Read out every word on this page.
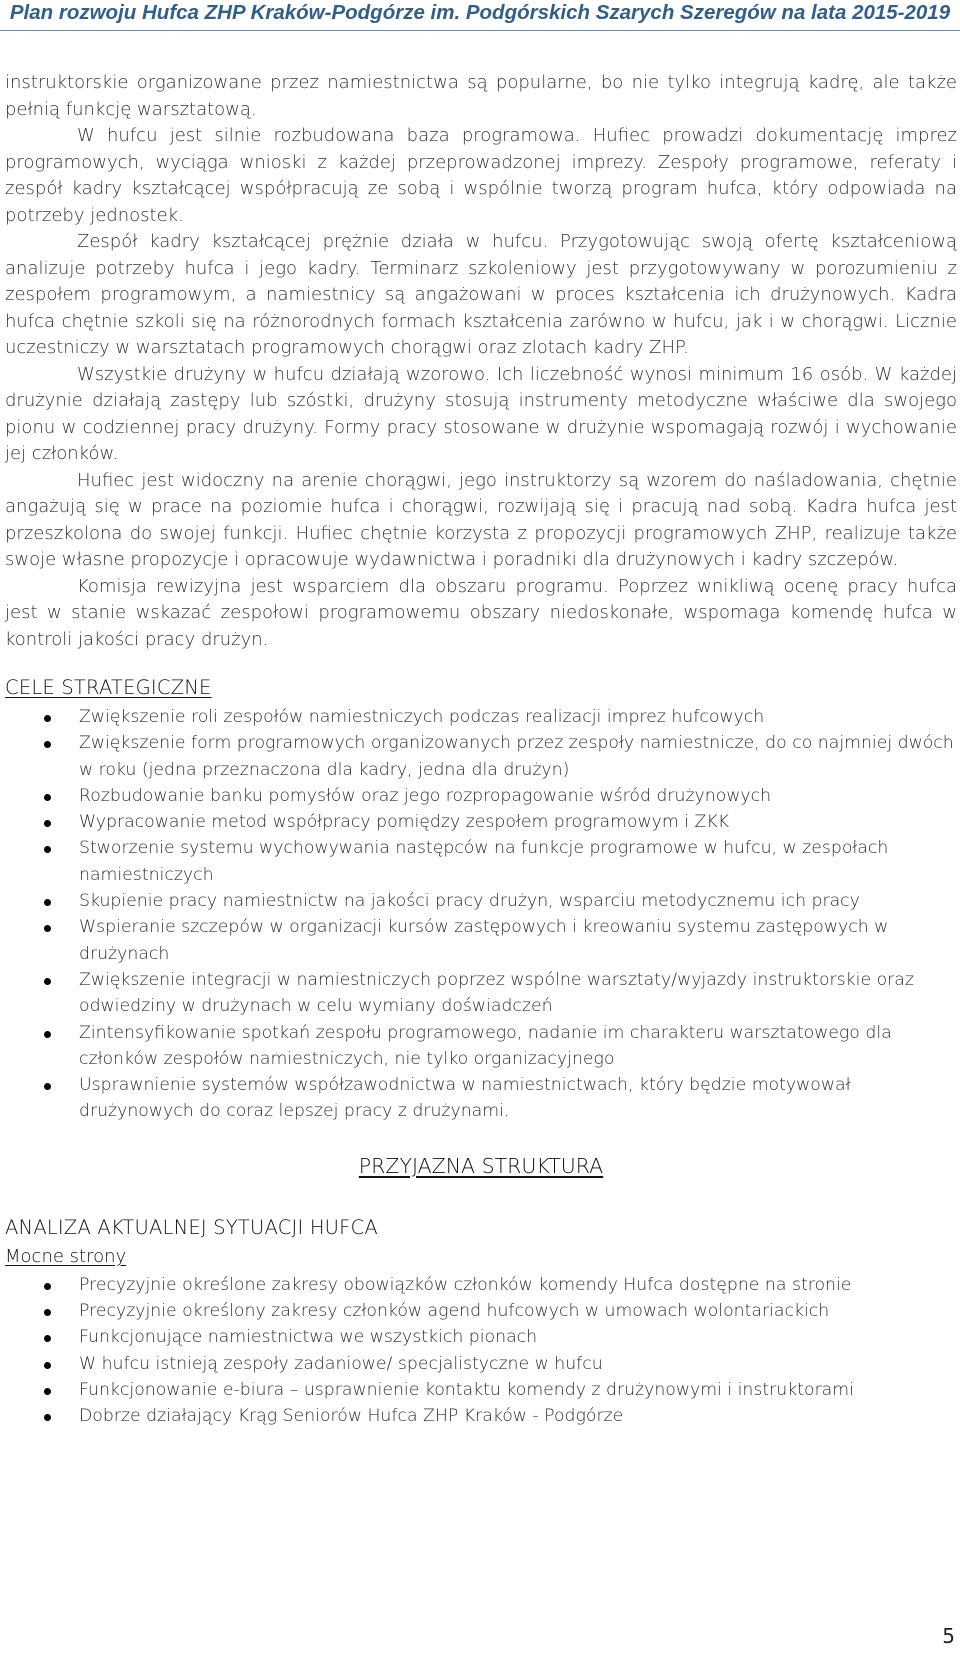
Plan rozwoju Hufca ZHP Kraków-Podgórze im. Podgórskich Szarych Szeregów na lata 2015-2019

instruktorskie organizowane przez namiestnictwa są popularne, bo nie tylko integrują kadrę, ale także pełnią funkcję warsztatową.

W hufcu jest silnie rozbudowana baza programowa. Hufiec prowadzi dokumentację imprez programowych, wyciąga wnioski z każdej przeprowadzonej imprezy. Zespoły programowe, referaty i zespół kadry kształcącej współpracują ze sobą i wspólnie tworzą program hufca, który odpowiada na potrzeby jednostek.

Zespół kadry kształcącej prężnie działa w hufcu. Przygotowując swoją ofertę kształceniową analizuje potrzeby hufca i jego kadry. Terminarz szkoleniowy jest przygotowywany w porozumieniu z zespołem programowym, a namiestnicy są angażowani w proces kształcenia ich drużynowych. Kadra hufca chętnie szkoli się na różnorodnych formach kształcenia zarówno w hufcu, jak i w chorągwi. Licznie uczestniczy w warsztatach programowych chorągwi oraz zlotach kadry ZHP.

Wszystkie drużyny w hufcu działają wzorowo. Ich liczebność wynosi minimum 16 osób. W każdej drużynie działają zastępy lub szóstki, drużyny stosują instrumenty metodyczne właściwe dla swojego pionu w codziennej pracy drużyny. Formy pracy stosowane w drużynie wspomagają rozwój i wychowanie jej członków.

Hufiec jest widoczny na arenie chorągwi, jego instruktorzy są wzorem do naśladowania, chętnie angażują się w prace na poziomie hufca i chorągwi, rozwijają się i pracują nad sobą. Kadra hufca jest przeszkolona do swojej funkcji. Hufiec chętnie korzysta z propozycji programowych ZHP, realizuje także swoje własne propozycje i opracowuje wydawnictwa i poradniki dla drużynowych i kadry szczepów.

Komisja rewizyjna jest wsparciem dla obszaru programu. Poprzez wnikliwą ocenę pracy hufca jest w stanie wskazać zespołowi programowemu obszary niedoskonałe, wspomaga komendę hufca w kontroli jakości pracy drużyn.

CELE STRATEGICZNE
Zwiększenie roli zespołów namiestniczych podczas realizacji imprez hufcowych
Zwiększenie form programowych organizowanych przez zespoły namiestnicze, do co najmniej dwóch w roku (jedna przeznaczona dla kadry, jedna dla drużyn)
Rozbudowanie banku pomysłów oraz jego rozpropagowanie wśród drużynowych
Wypracowanie metod współpracy pomiędzy zespołem programowym i ZKK
Stworzenie systemu wychowywania następców na funkcje programowe w hufcu, w zespołach namiestniczych
Skupienie pracy namiestnictw na jakości pracy drużyn, wsparciu metodycznemu ich pracy
Wspieranie szczepów w organizacji kursów zastępowych i kreowaniu systemu zastępowych w drużynach
Zwiększenie integracji w namiestniczych poprzez wspólne warsztaty/wyjazdy instruktorskie oraz odwiedziny w drużynach w celu wymiany doświadczeń
Zintensyfikowanie spotkań zespołu programowego, nadanie im charakteru warsztatowego dla członków zespołów namiestniczych, nie tylko organizacyjnego
Usprawnienie systemów współzawodnictwa w namiestnictwach, który będzie motywował drużynowych do coraz lepszej pracy z drużynami.
PRZYJAZNA STRUKTURA
ANALIZA AKTUALNEJ SYTUACJI HUFCA
Mocne strony
Precyzyjnie określone zakresy obowiązków członków komendy Hufca dostępne na stronie
Precyzyjnie określony zakresy członków agend hufcowych w umowach wolontariackich
Funkcjonujące namiestnictwa we wszystkich pionach
W hufcu istnieją zespoły zadaniowe/ specjalistyczne w hufcu
Funkcjonowanie e-biura – usprawnienie kontaktu komendy z drużynowymi i instruktorami
Dobrze działający Krąg Seniorów Hufca ZHP Kraków - Podgórze
5
